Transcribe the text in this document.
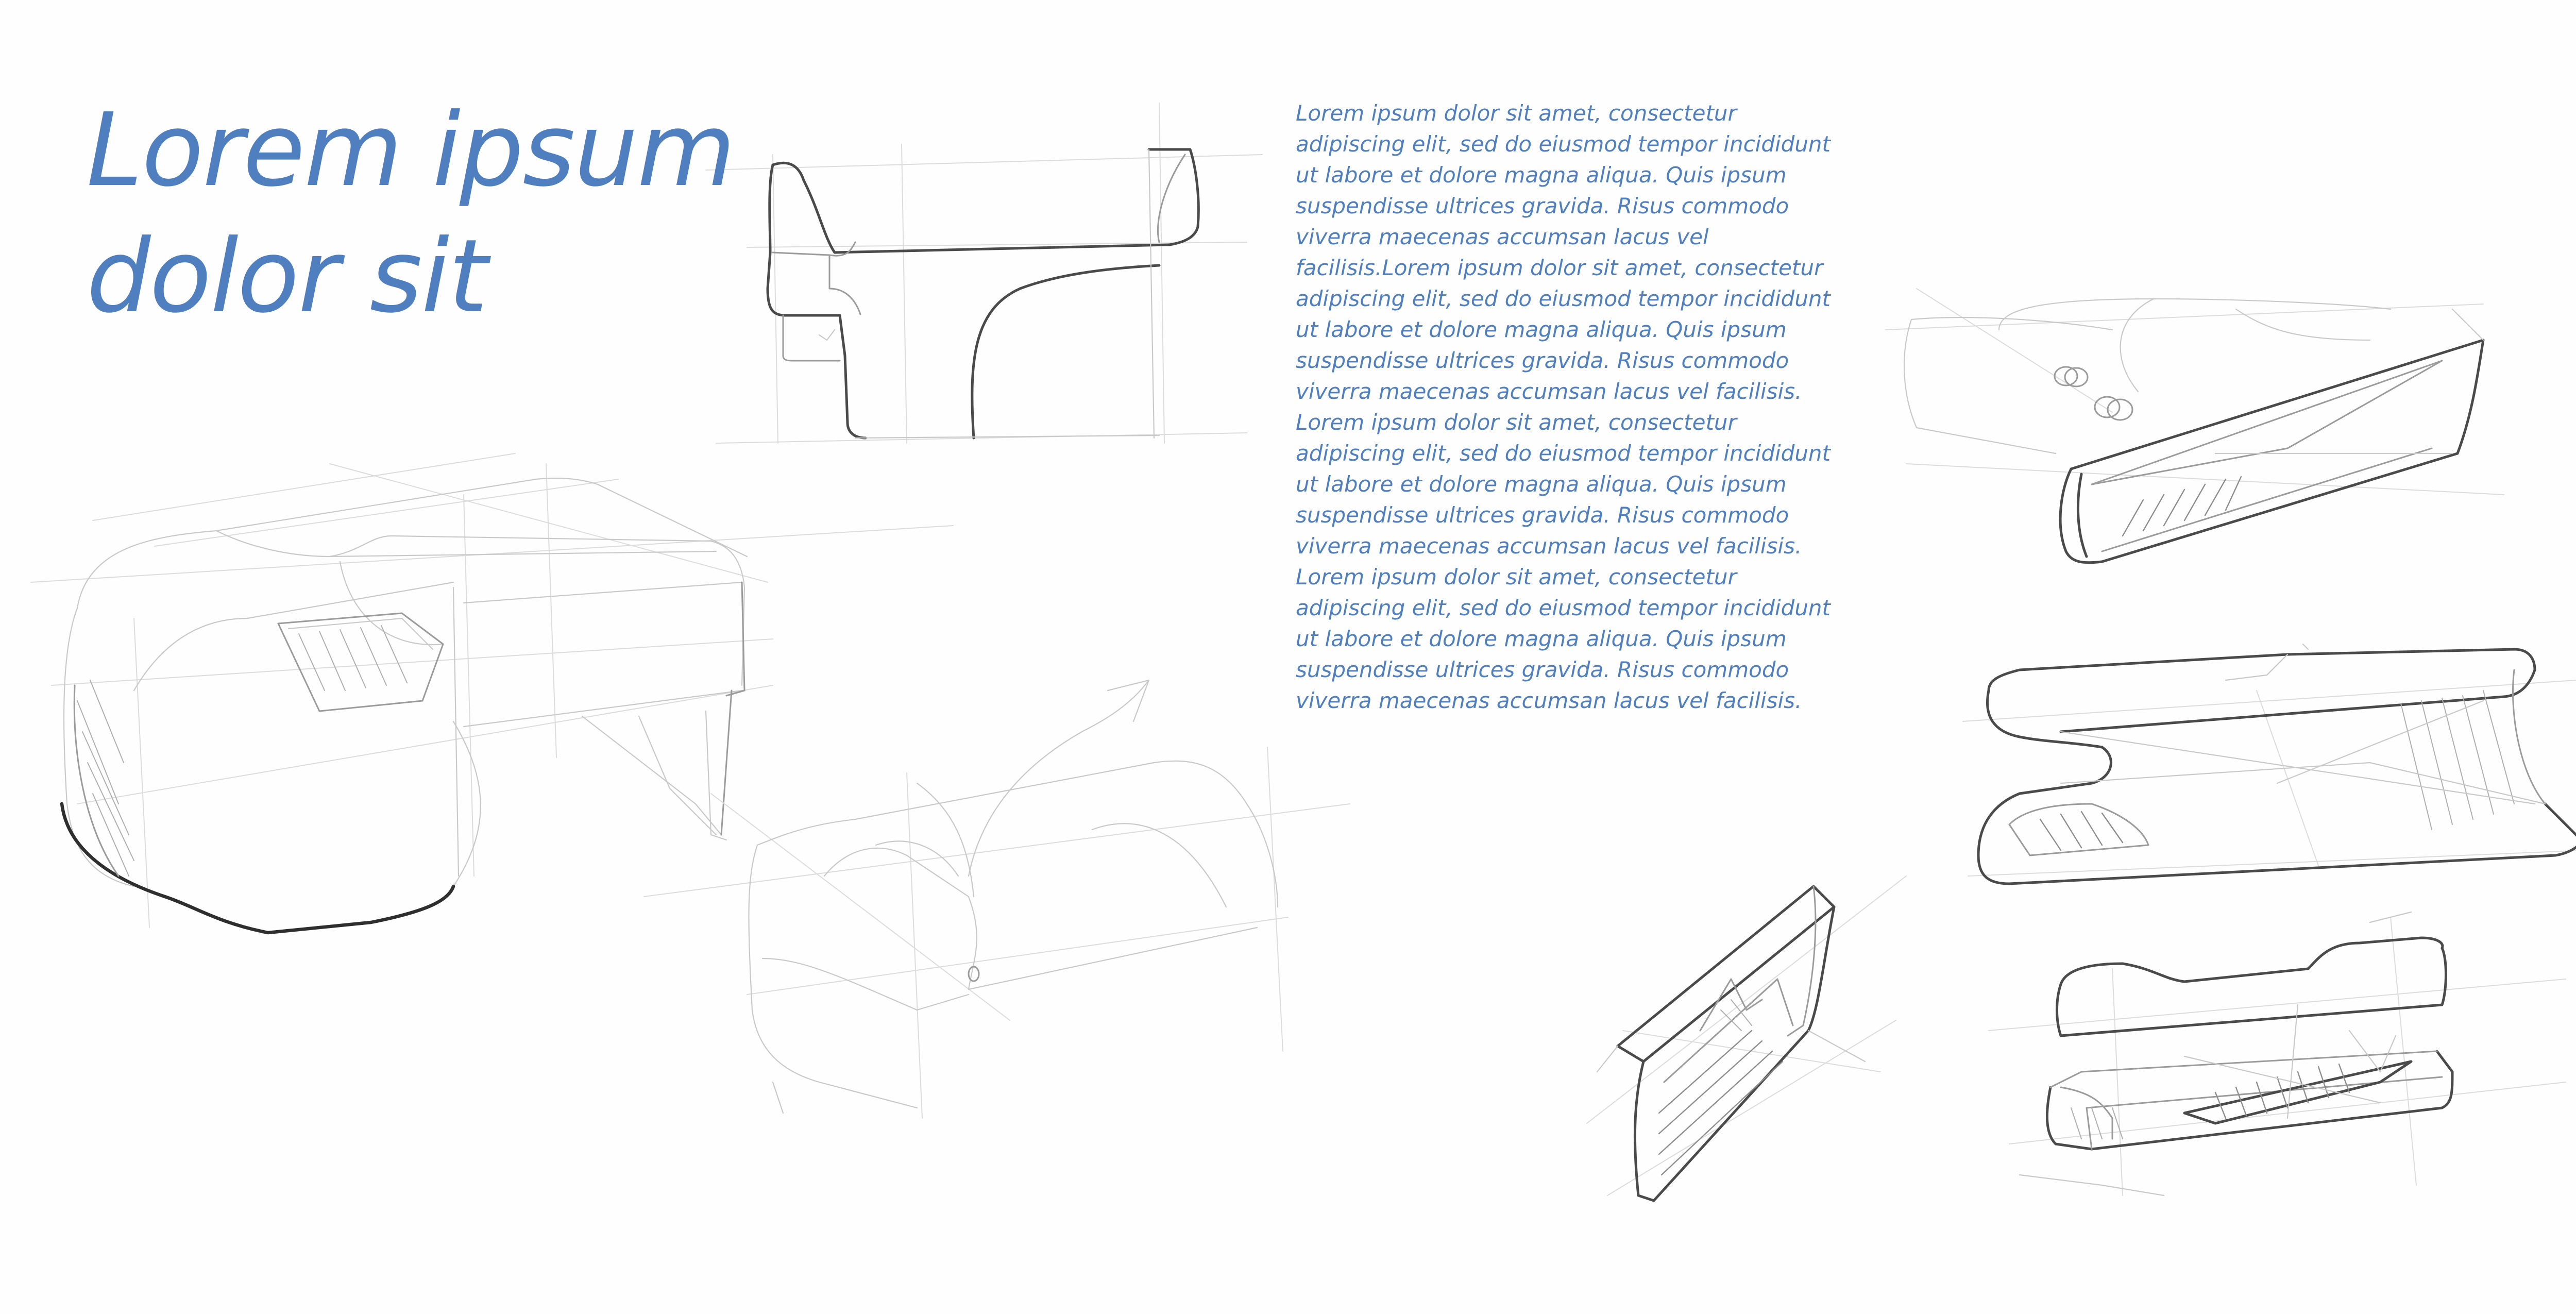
Lorem ipsum
dolor sit

Lorem ipsum dolor sit amet, consectetur
adipiscing elit, sed do eiusmod tempor incididunt
ut labore et dolore magna aliqua. Quis ipsum
suspendisse ultrices gravida. Risus commodo
viverra maecenas accumsan lacus vel
facilisis.Lorem ipsum dolor sit amet, consectetur
adipiscing elit, sed do eiusmod tempor incididunt
ut labore et dolore magna aliqua. Quis ipsum
suspendisse ultrices gravida. Risus commodo
viverra maecenas accumsan lacus vel facilisis.
Lorem ipsum dolor sit amet, consectetur
adipiscing elit, sed do eiusmod tempor incididunt
ut labore et dolore magna aliqua. Quis ipsum
suspendisse ultrices gravida. Risus commodo
viverra maecenas accumsan lacus vel facilisis.
Lorem ipsum dolor sit amet, consectetur
adipiscing elit, sed do eiusmod tempor incididunt
ut labore et dolore magna aliqua. Quis ipsum
suspendisse ultrices gravida. Risus commodo
viverra maecenas accumsan lacus vel facilisis.
